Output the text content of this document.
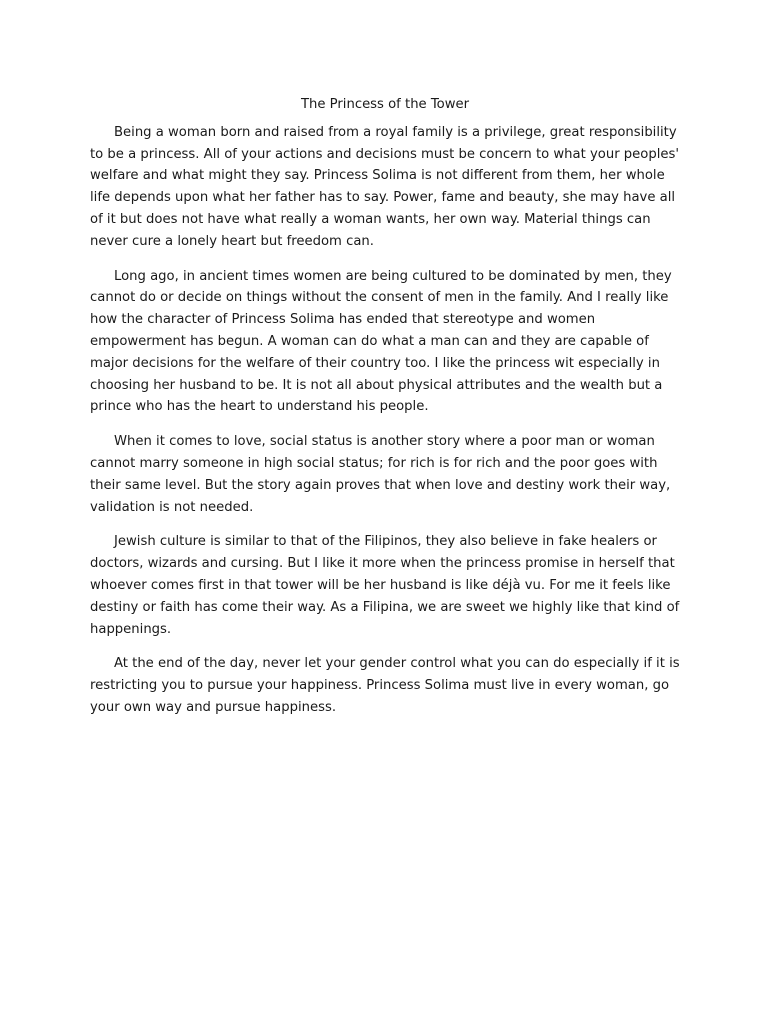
The Princess of the Tower

Being a woman born and raised from a royal family is a privilege, great responsibility to be a princess. All of your actions and decisions must be concern to what your peoples' welfare and what might they say. Princess Solima is not different from them, her whole life depends upon what her father has to say. Power, fame and beauty, she may have all of it but does not have what really a woman wants, her own way. Material things can never cure a lonely heart but freedom can.

Long ago, in ancient times women are being cultured to be dominated by men, they cannot do or decide on things without the consent of men in the family. And I really like how the character of Princess Solima has ended that stereotype and women empowerment has begun. A woman can do what a man can and they are capable of major decisions for the welfare of their country too. I like the princess wit especially in choosing her husband to be. It is not all about physical attributes and the wealth but a prince who has the heart to understand his people.

When it comes to love, social status is another story where a poor man or woman cannot marry someone in high social status; for rich is for rich and the poor goes with their same level. But the story again proves that when love and destiny work their way, validation is not needed.

Jewish culture is similar to that of the Filipinos, they also believe in fake healers or doctors, wizards and cursing. But I like it more when the princess promise in herself that whoever comes first in that tower will be her husband is like déjà vu. For me it feels like destiny or faith has come their way. As a Filipina, we are sweet we highly like that kind of happenings.

At the end of the day, never let your gender control what you can do especially if it is restricting you to pursue your happiness. Princess Solima must live in every woman, go your own way and pursue happiness.
